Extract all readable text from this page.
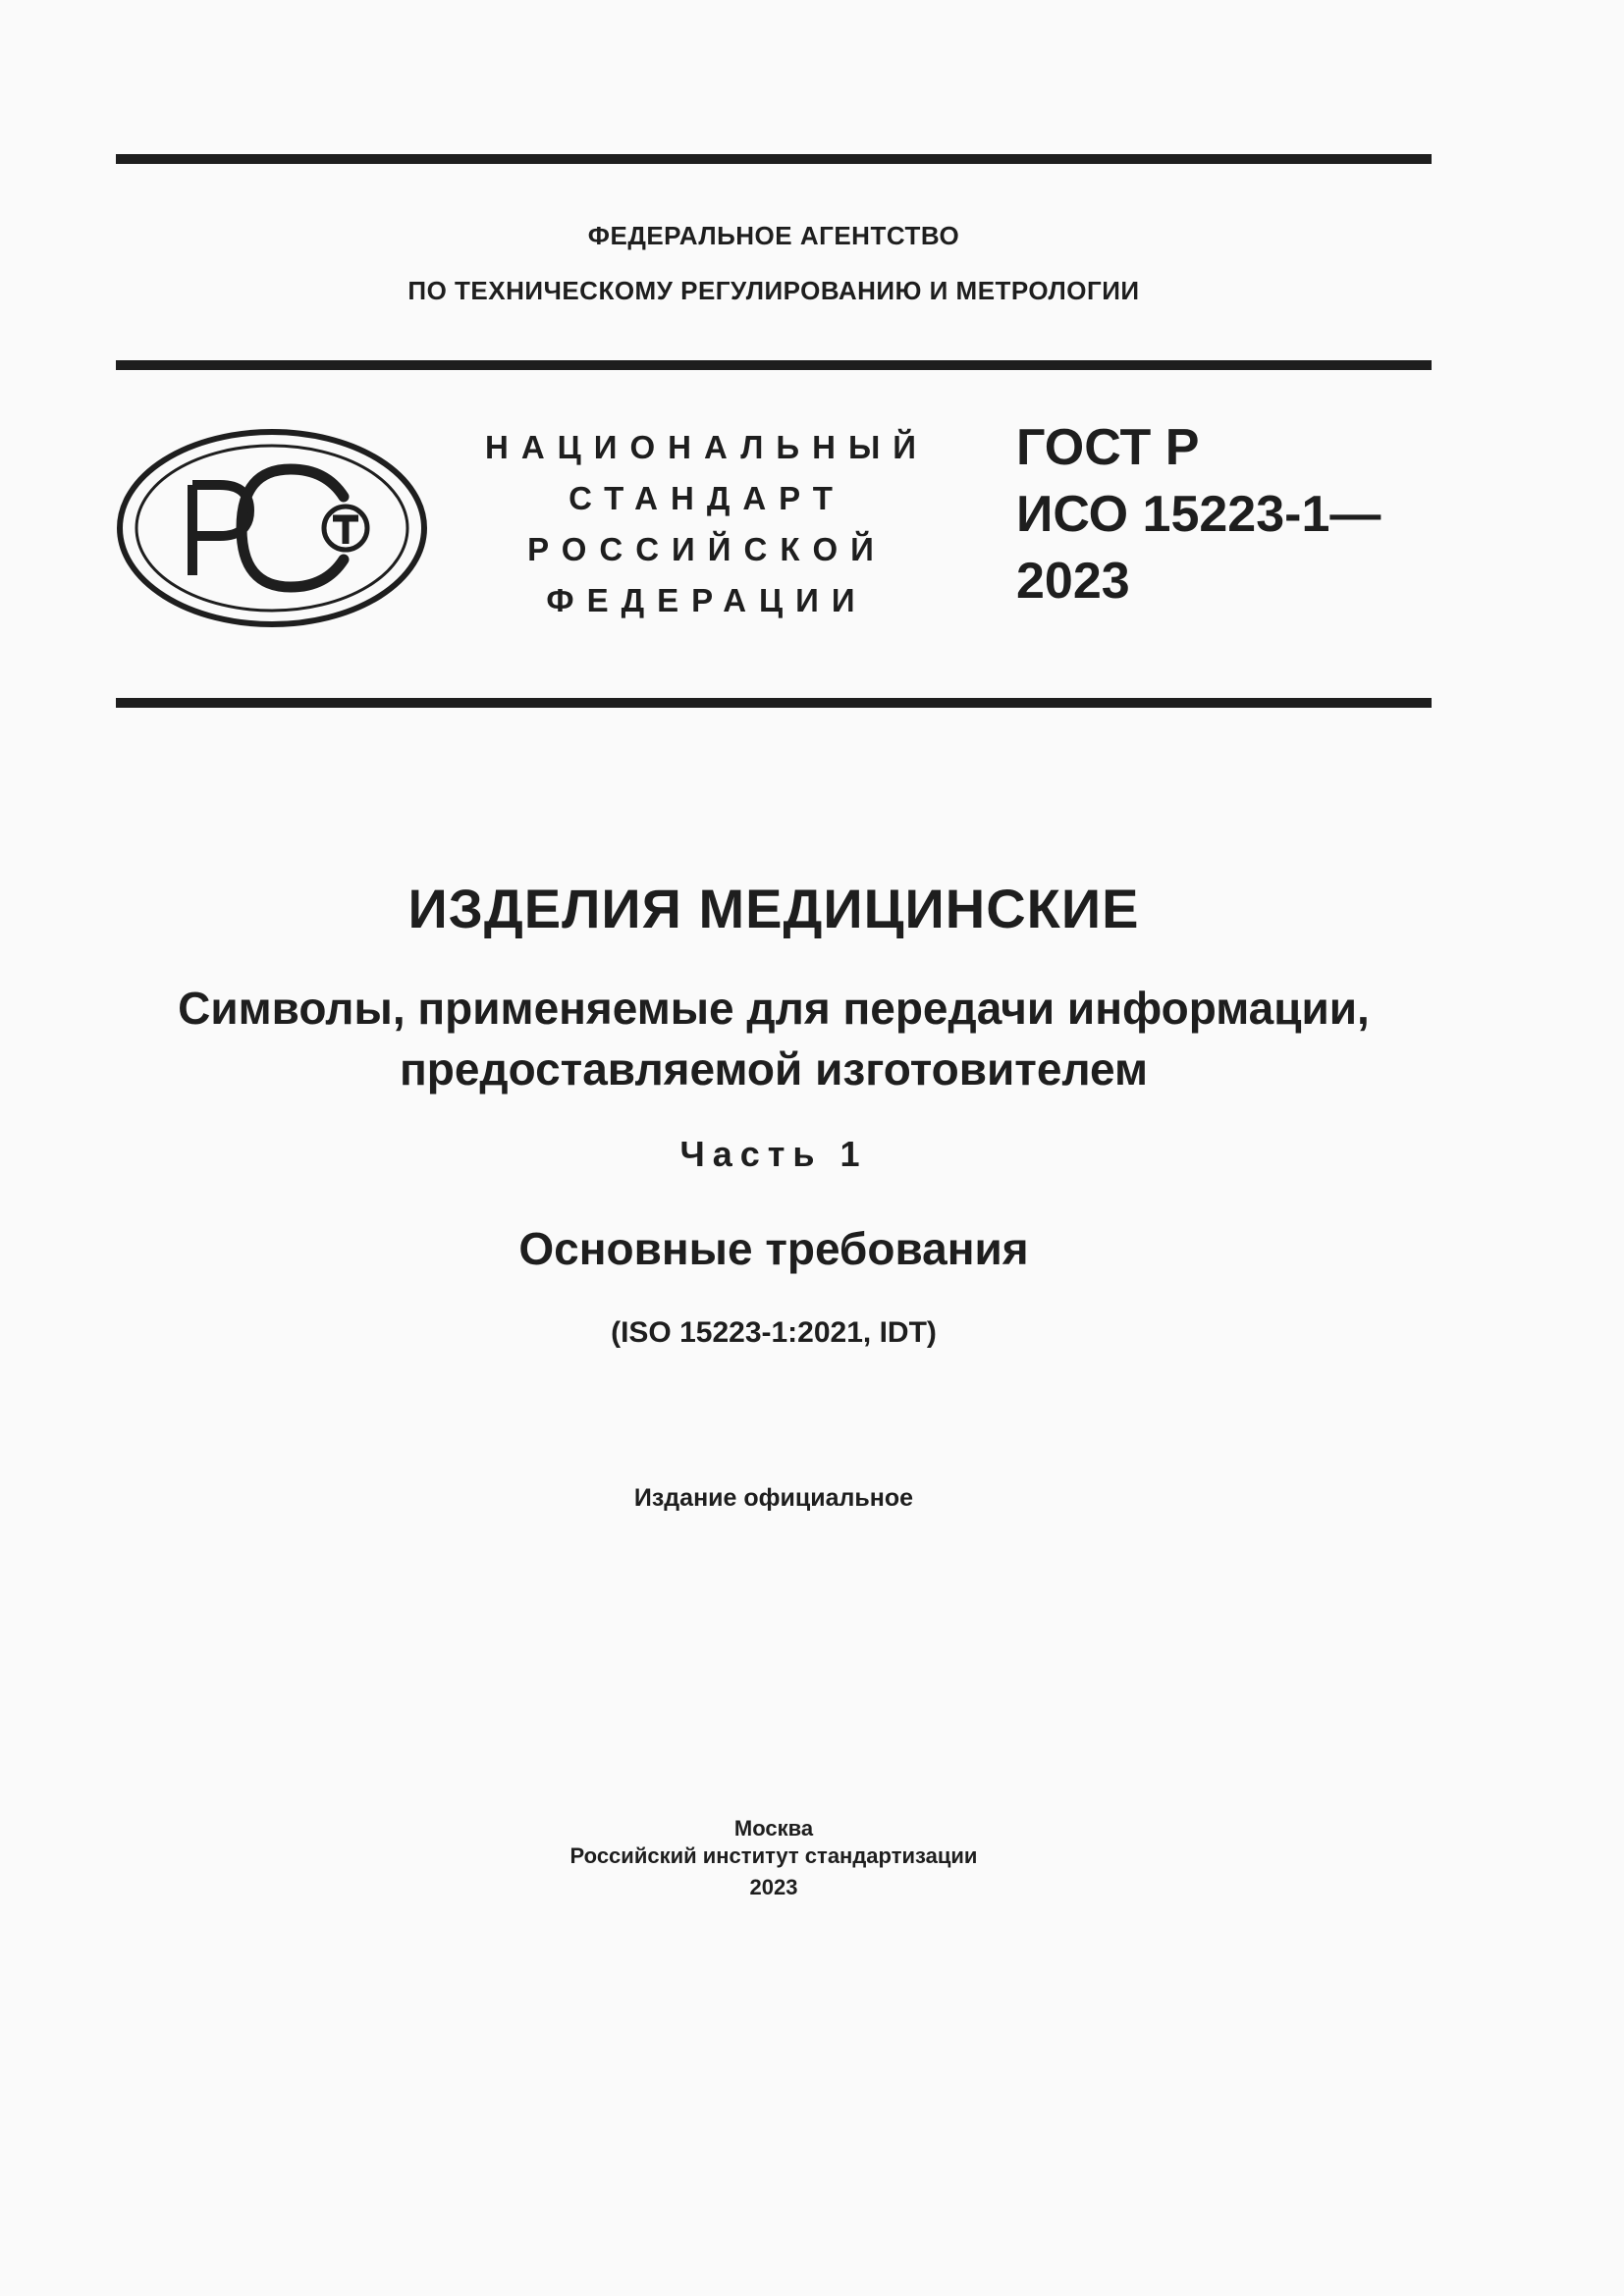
ФЕДЕРАЛЬНОЕ АГЕНТСТВО
ПО ТЕХНИЧЕСКОМУ РЕГУЛИРОВАНИЮ И МЕТРОЛОГИИ
НАЦИОНАЛЬНЫЙ
СТАНДАРТ
РОССИЙСКОЙ
ФЕДЕРАЦИИ
ГОСТ Р
ИСО 15223-1—
2023
ИЗДЕЛИЯ МЕДИЦИНСКИЕ
Символы, применяемые для передачи информации,
предоставляемой изготовителем
Часть 1
Основные требования
(ISO 15223-1:2021, IDT)
Издание официальное
Москва
Российский институт стандартизации
2023
